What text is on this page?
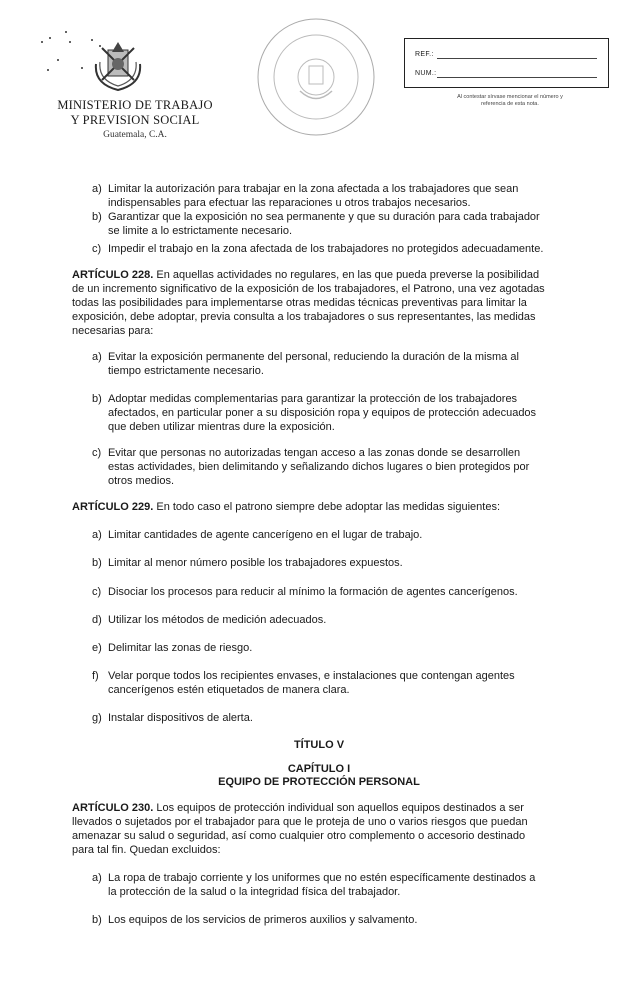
MINISTERIO DE TRABAJO
Y PREVISION SOCIAL
Guatemala, C.A.
REF.:
NUM.:
Al contestar sírvase mencionar el número y
referencia de esta nota.
a) Limitar la autorización para trabajar en la zona afectada a los trabajadores que sean
indispensables para efectuar las reparaciones u otros trabajos necesarios.
b) Garantizar que la exposición no sea permanente y que su duración para cada trabajador
se limite a lo estrictamente necesario.
c) Impedir el trabajo en la zona afectada de los trabajadores no protegidos adecuadamente.
ARTÍCULO 228. En aquellas actividades no regulares, en las que pueda preverse la posibilidad
de un incremento significativo de la exposición de los trabajadores, el Patrono, una vez agotadas
todas las posibilidades para implementarse otras medidas técnicas preventivas para limitar la
exposición, debe adoptar, previa consulta a los trabajadores o sus representantes, las medidas
necesarias para:
a) Evitar la exposición permanente del personal, reduciendo la duración de la misma al
tiempo estrictamente necesario.
b) Adoptar medidas complementarias para garantizar la protección de los trabajadores
afectados, en particular poner a su disposición ropa y equipos de protección adecuados
que deben utilizar mientras dure la exposición.
c) Evitar que personas no autorizadas tengan acceso a las zonas donde se desarrollen
estas actividades, bien delimitando y señalizando dichos lugares o bien protegidos por
otros medios.
ARTÍCULO 229. En todo caso el patrono siempre debe adoptar las medidas siguientes:
a) Limitar cantidades de agente cancerígeno en el lugar de trabajo.
b) Limitar al menor número posible los trabajadores expuestos.
c) Disociar los procesos para reducir al mínimo la formación de agentes cancerígenos.
d) Utilizar los métodos de medición adecuados.
e) Delimitar las zonas de riesgo.
f) Velar porque todos los recipientes envases, e instalaciones que contengan agentes
cancerígenos estén etiquetados de manera clara.
g) Instalar dispositivos de alerta.
TÍTULO V
CAPÍTULO I
EQUIPO DE PROTECCIÓN PERSONAL
ARTÍCULO 230. Los equipos de protección individual son aquellos equipos destinados a ser
llevados o sujetados por el trabajador para que le proteja de uno o varios riesgos que puedan
amenazar su salud o seguridad, así como cualquier otro complemento o accesorio destinado
para tal fin. Quedan excluidos:
a) La ropa de trabajo corriente y los uniformes que no estén específicamente destinados a
la protección de la salud o la integridad física del trabajador.
b) Los equipos de los servicios de primeros auxilios y salvamento.
